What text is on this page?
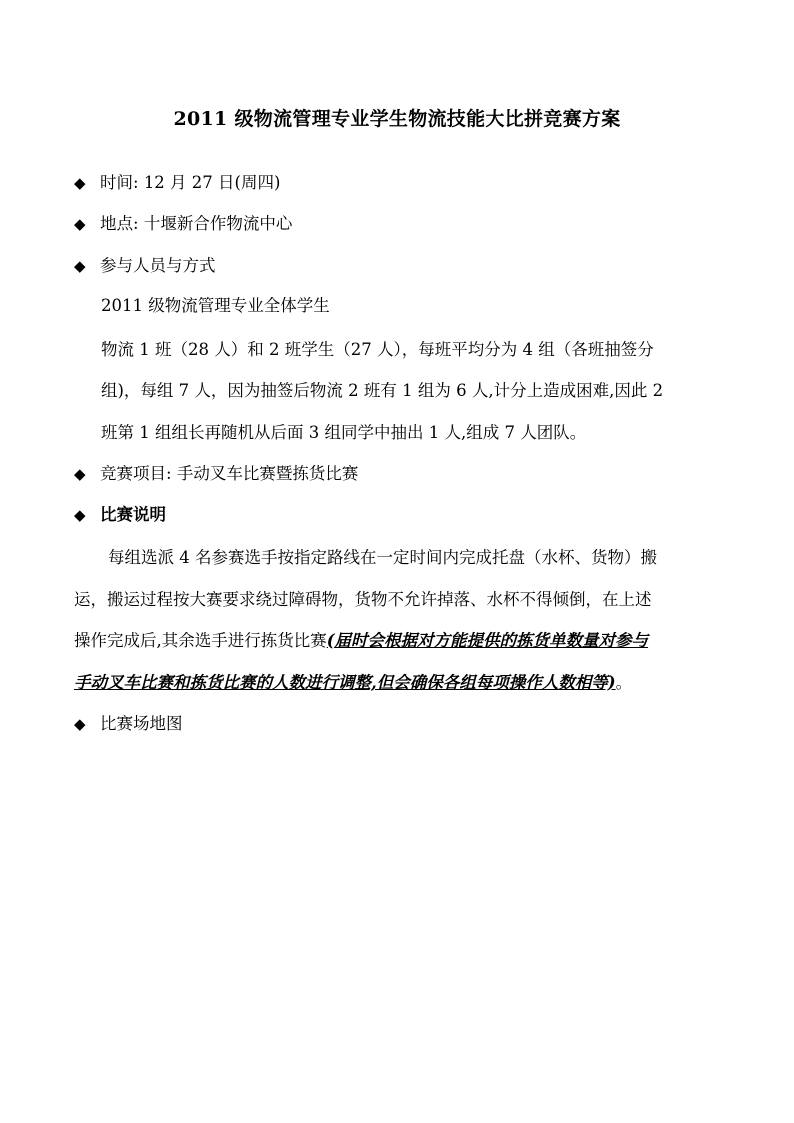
2011 级物流管理专业学生物流技能大比拼竞赛方案
◆ 时间: 12 月 27 日(周四)
◆ 地点: 十堰新合作物流中心
◆ 参与人员与方式
2011 级物流管理专业全体学生
物流 1 班（28 人）和 2 班学生（27 人），每班平均分为 4 组（各班抽签分
组)，每组 7 人，因为抽签后物流 2 班有 1 组为 6 人,计分上造成困难,因此 2
班第 1 组组长再随机从后面 3 组同学中抽出 1 人,组成 7 人团队。
◆ 竞赛项目: 手动叉车比赛暨拣货比赛
◆ 比赛说明
每组选派 4 名参赛选手按指定路线在一定时间内完成托盘（水杯、货物）搬
运，搬运过程按大赛要求绕过障碍物，货物不允许掉落、水杯不得倾倒，在上述
操作完成后,其余选手进行拣货比赛(届时会根据对方能提供的拣货单数量对参与
手动叉车比赛和拣货比赛的人数进行调整,但会确保各组每项操作人数相等)。
◆ 比赛场地图
